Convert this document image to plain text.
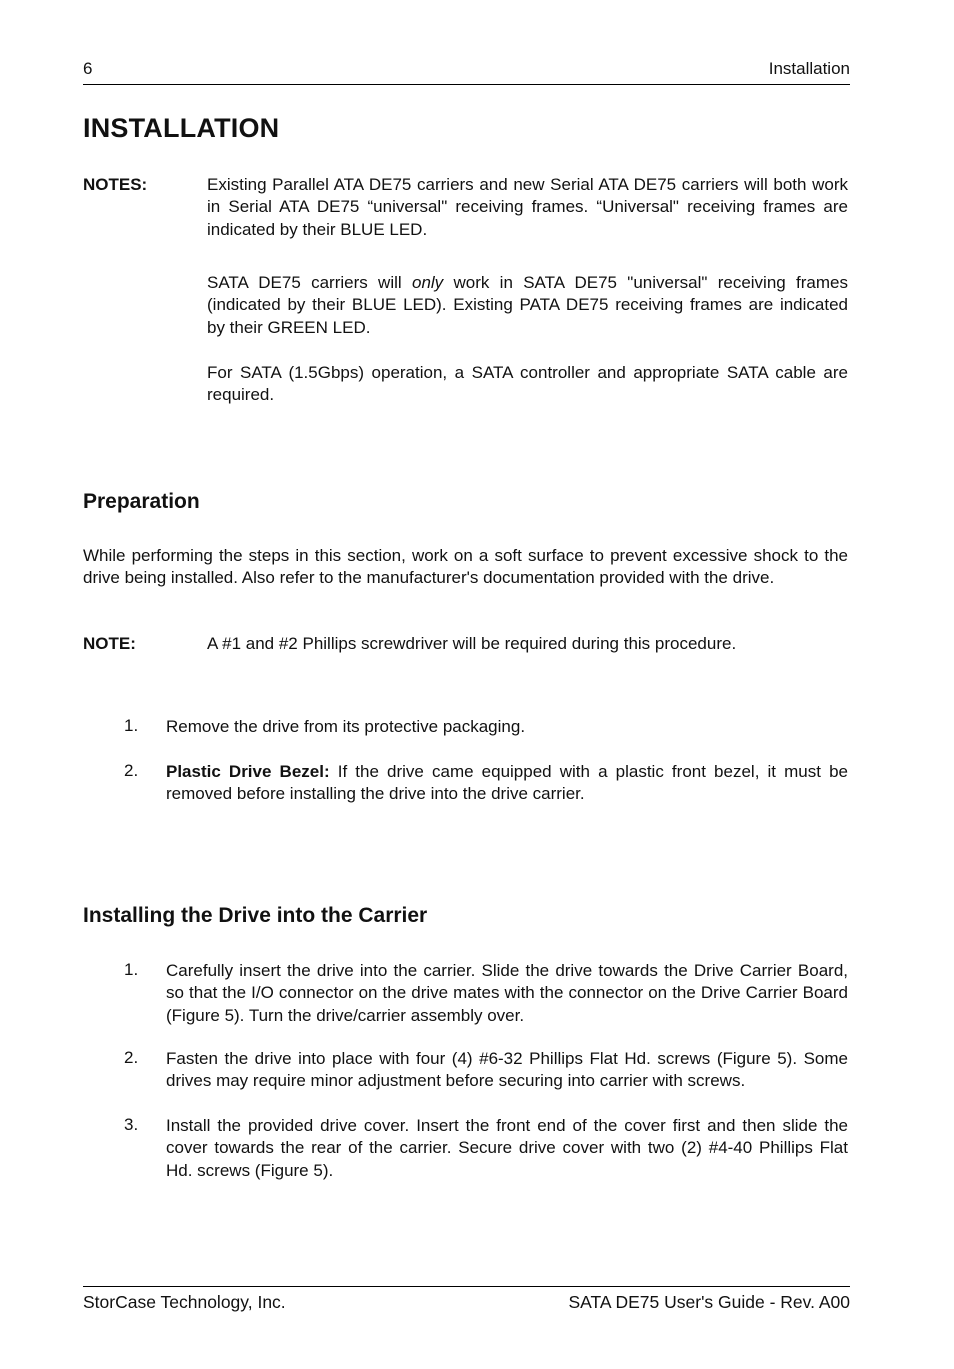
6	Installation
INSTALLATION
NOTES:	Existing Parallel ATA DE75 carriers and new Serial ATA DE75 carriers will both work in Serial ATA DE75 “universal" receiving frames. “Universal" receiving frames are indicated by their BLUE LED.
SATA DE75 carriers will only work in SATA DE75 "universal" receiving frames (indicated by their BLUE LED). Existing PATA DE75 receiving frames are indicated by their GREEN LED.
For SATA (1.5Gbps) operation, a SATA controller and appropriate SATA cable are required.
Preparation
While performing the steps in this section, work on a soft surface to prevent excessive shock to the drive being installed. Also refer to the manufacturer's documentation provided with the drive.
NOTE:	A #1 and #2 Phillips screwdriver will be required during this procedure.
1. Remove the drive from its protective packaging.
2. Plastic Drive Bezel: If the drive came equipped with a plastic front bezel, it must be removed before installing the drive into the drive carrier.
Installing the Drive into the Carrier
1. Carefully insert the drive into the carrier. Slide the drive towards the Drive Carrier Board, so that the I/O connector on the drive mates with the connector on the Drive Carrier Board (Figure 5). Turn the drive/carrier assembly over.
2. Fasten the drive into place with four (4) #6-32 Phillips Flat Hd. screws (Figure 5). Some drives may require minor adjustment before securing into carrier with screws.
3. Install the provided drive cover. Insert the front end of the cover first and then slide the cover towards the rear of the carrier. Secure drive cover with two (2) #4-40 Phillips Flat Hd. screws (Figure 5).
StorCase Technology, Inc.	SATA DE75 User's Guide - Rev. A00
